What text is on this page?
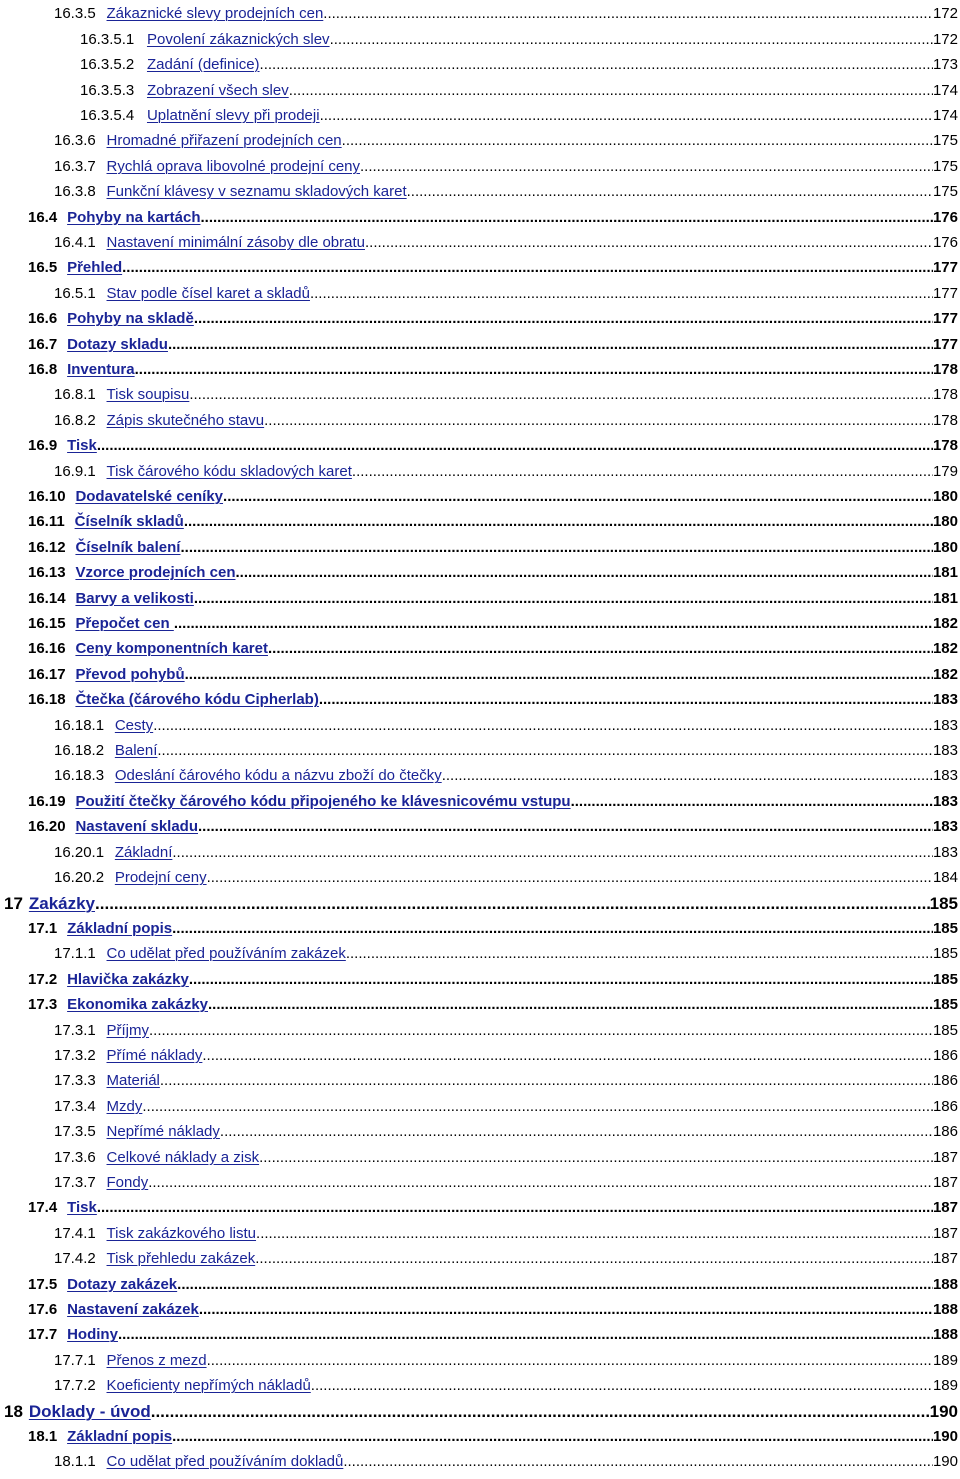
16.3.5 Zákaznické slevy prodejních cen .....	172
16.3.5.1 Povolení zákaznických slev .....	172
16.3.5.2 Zadání (definice) .....	173
16.3.5.3 Zobrazení všech slev .....	174
16.3.5.4 Uplatnění slevy při prodeji .....	174
16.3.6 Hromadné přiřazení prodejních cen .....	175
16.3.7 Rychlá oprava libovolné prodejní ceny .....	175
16.3.8 Funkční klávesy v seznamu skladových karet .....	175
16.4 Pohyby na kartách .....	176
16.4.1 Nastavení minimální zásoby dle obratu .....	176
16.5 Přehled .....	177
16.5.1 Stav podle čísel karet a skladů .....	177
16.6 Pohyby na skladě .....	177
16.7 Dotazy skladu .....	177
16.8 Inventura .....	178
16.8.1 Tisk soupisu .....	178
16.8.2 Zápis skutečného stavu .....	178
16.9 Tisk .....	178
16.9.1 Tisk čárového kódu skladových karet .....	179
16.10 Dodavatelské ceníky .....	180
16.11 Číselník skladů .....	180
16.12 Číselník balení .....	180
16.13 Vzorce prodejních cen .....	181
16.14 Barvy a velikosti .....	181
16.15 Přepočet cen .....	182
16.16 Ceny komponentních karet .....	182
16.17 Převod pohybů .....	182
16.18 Čtečka (čárového kódu Cipherlab) .....	183
16.18.1 Cesty .....	183
16.18.2 Balení .....	183
16.18.3 Odeslání čárového kódu a názvu zboží do čtečky .....	183
16.19 Použití čtečky čárového kódu připojeného ke klávesnicovému vstupu .....	183
16.20 Nastavení skladu .....	183
16.20.1 Základní .....	183
16.20.2 Prodejní ceny .....	184
17 Zakázky .....	185
17.1 Základní popis .....	185
17.1.1 Co udělat před používáním zakázek .....	185
17.2 Hlavička zakázky .....	185
17.3 Ekonomika zakázky .....	185
17.3.1 Příjmy .....	185
17.3.2 Přímé náklady .....	186
17.3.3 Materiál .....	186
17.3.4 Mzdy .....	186
17.3.5 Nepřímé náklady .....	186
17.3.6 Celkové náklady a zisk .....	187
17.3.7 Fondy .....	187
17.4 Tisk .....	187
17.4.1 Tisk zakázkového listu .....	187
17.4.2 Tisk přehledu zakázek .....	187
17.5 Dotazy zakázek .....	188
17.6 Nastavení zakázek .....	188
17.7 Hodiny .....	188
17.7.1 Přenos z mezd .....	189
17.7.2 Koeficienty nepřímých nákladů .....	189
18 Doklady - úvod .....	190
18.1 Základní popis .....	190
18.1.1 Co udělat před používáním dokladů .....	190
